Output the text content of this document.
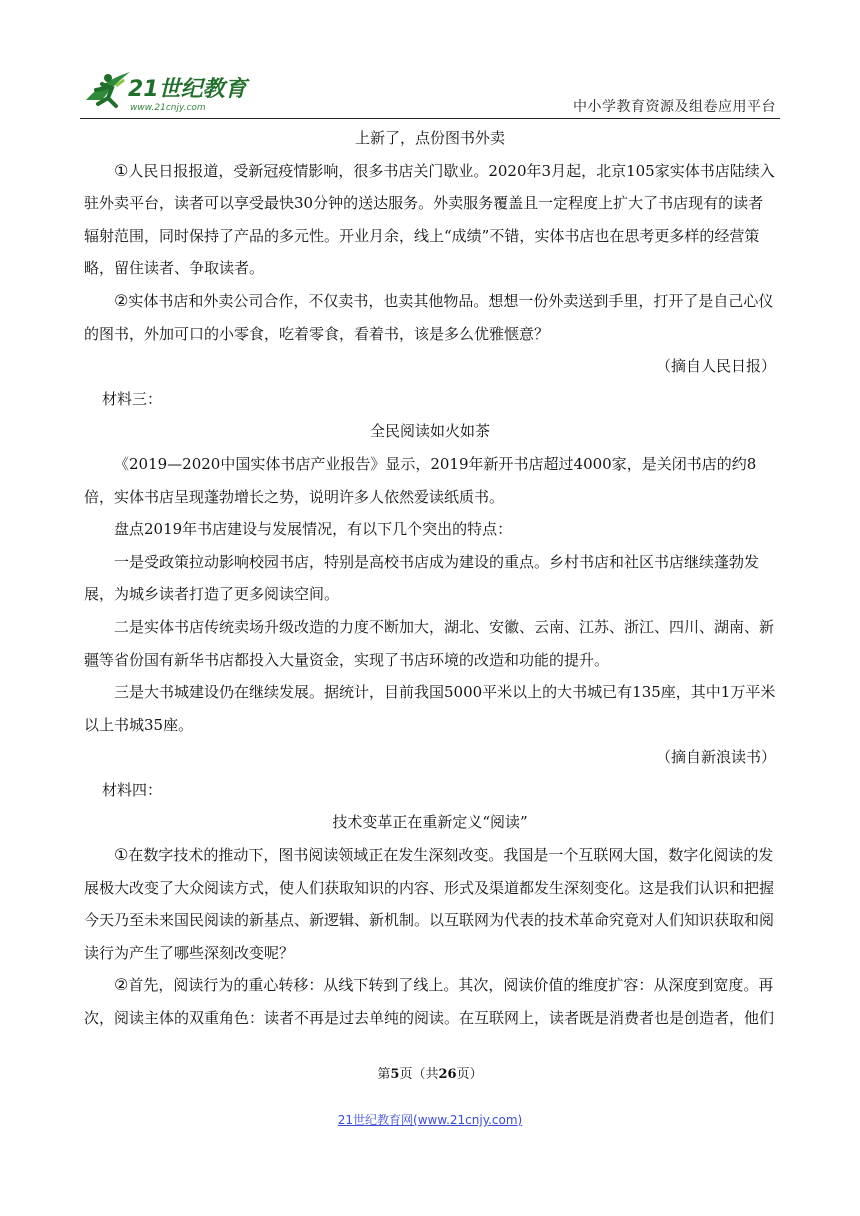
21世纪教育
www.21cnjy.com	中小学教育资源及组卷应用平台

上新了，点份图书外卖

①人民日报报道，受新冠疫情影响，很多书店关门歇业。2020年3月起，北京105家实体书店陆续入驻外卖平台，读者可以享受最快30分钟的送达服务。外卖服务覆盖且一定程度上扩大了书店现有的读者辐射范围，同时保持了产品的多元性。开业月余，线上“成绩”不错，实体书店也在思考更多样的经营策略，留住读者、争取读者。

②实体书店和外卖公司合作，不仅卖书，也卖其他物品。想想一份外卖送到手里，打开了是自己心仪的图书，外加可口的小零食，吃着零食，看着书，该是多么优雅惬意？

（摘自人民日报）

材料三：

全民阅读如火如茶

《2019—2020中国实体书店产业报告》显示，2019年新开书店超过4000家，是关闭书店的约8倍，实体书店呈现蓬勃增长之势，说明许多人依然爱读纸质书。

盘点2019年书店建设与发展情况，有以下几个突出的特点：

一是受政策拉动影响校园书店，特别是高校书店成为建设的重点。乡村书店和社区书店继续蓬勃发展，为城乡读者打造了更多阅读空间。

二是实体书店传统卖场升级改造的力度不断加大，湖北、安徽、云南、江苏、浙江、四川、湖南、新疆等省份国有新华书店都投入大量资金，实现了书店环境的改造和功能的提升。

三是大书城建设仍在继续发展。据统计，目前我国5000平米以上的大书城已有135座，其中1万平米以上书城35座。

（摘自新浪读书）

材料四：

技术变革正在重新定义“阅读”

①在数字技术的推动下，图书阅读领域正在发生深刻改变。我国是一个互联网大国，数字化阅读的发展极大改变了大众阅读方式，使人们获取知识的内容、形式及渠道都发生深刻变化。这是我们认识和把握今天乃至未来国民阅读的新基点、新逻辑、新机制。以互联网为代表的技术革命究竟对人们知识获取和阅读行为产生了哪些深刻改变呢？

②首先，阅读行为的重心转移：从线下转到了线上。其次，阅读价值的维度扩容：从深度到宽度。再次，阅读主体的双重角色：读者不再是过去单纯的阅读。在互联网上，读者既是消费者也是创造者，他们

第5页（共26页）
21世纪教育网(www.21cnjy.com)
